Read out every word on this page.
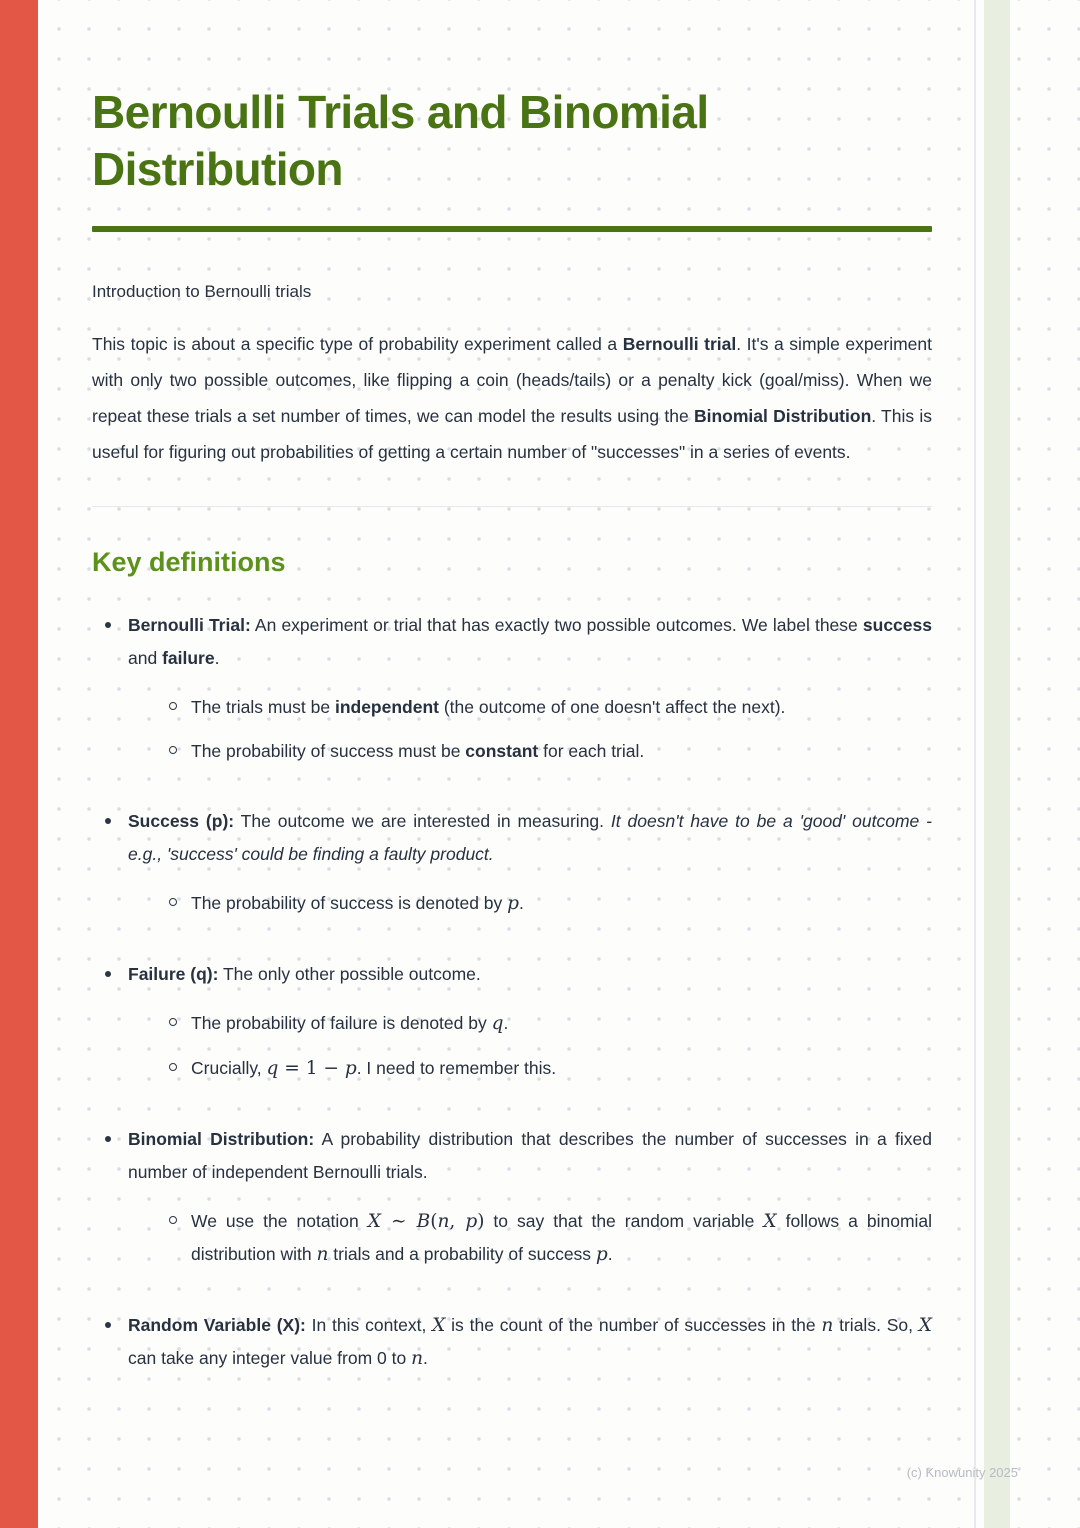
Bernoulli Trials and Binomial Distribution

Introduction to Bernoulli trials

This topic is about a specific type of probability experiment called a Bernoulli trial. It's a simple experiment with only two possible outcomes, like flipping a coin (heads/tails) or a penalty kick (goal/miss). When we repeat these trials a set number of times, we can model the results using the Binomial Distribution. This is useful for figuring out probabilities of getting a certain number of "successes" in a series of events.

Key definitions

Bernoulli Trial: An experiment or trial that has exactly two possible outcomes. We label these success and failure.

The trials must be independent (the outcome of one doesn't affect the next).

The probability of success must be constant for each trial.

Success (p): The outcome we are interested in measuring. It doesn't have to be a 'good' outcome - e.g., 'success' could be finding a faulty product.

The probability of success is denoted by p.

Failure (q): The only other possible outcome.

The probability of failure is denoted by q.

Crucially, q = 1 − p. I need to remember this.

Binomial Distribution: A probability distribution that describes the number of successes in a fixed number of independent Bernoulli trials.

We use the notation X ∼ B(n, p) to say that the random variable X follows a binomial distribution with n trials and a probability of success p.

Random Variable (X): In this context, X is the count of the number of successes in the n trials. So, X can take any integer value from 0 to n.

(c) Knowunity 2025
